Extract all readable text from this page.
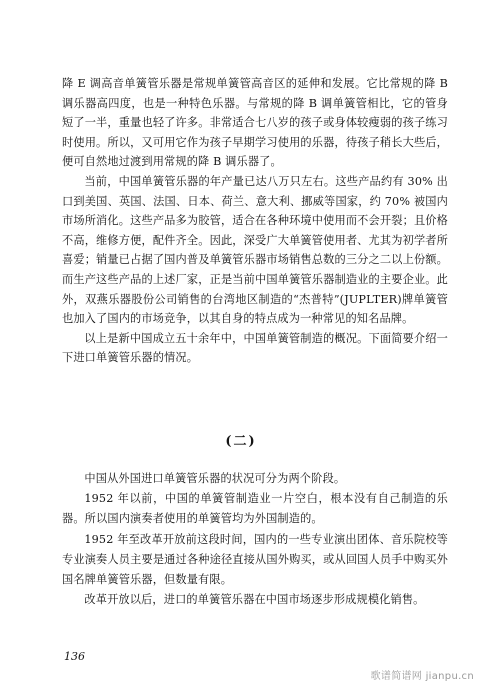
降 E 调高音单簧管乐器是常规单簧管高音区的延伸和发展。它比常规的降 B 调乐器高四度，也是一种特色乐器。与常规的降 B 调单簧管相比，它的管身短了一半，重量也轻了许多。非常适合七八岁的孩子或身体较瘦弱的孩子练习时使用。所以，又可用它作为孩子早期学习使用的乐器，待孩子稍长大些后，便可自然地过渡到用常规的降 B 调乐器了。

当前，中国单簧管乐器的年产量已达八万只左右。这些产品约有 30% 出口到美国、英国、法国、日本、荷兰、意大利、挪威等国家，约 70% 被国内市场所消化。这些产品多为胶管，适合在各种环境中使用而不会开裂；且价格不高，维修方便，配件齐全。因此，深受广大单簧管使用者、尤其为初学者所喜爱；销量已占据了国内普及单簧管乐器市场销售总数的三分之二以上份额。而生产这些产品的上述厂家，正是当前中国单簧管乐器制造业的主要企业。此外，双燕乐器股份公司销售的台湾地区制造的“杰普特”(JUPLTER)牌单簧管也加入了国内的市场竞争，以其自身的特点成为一种常见的知名品牌。

以上是新中国成立五十余年中，中国单簧管制造的概况。下面简要介绍一下进口单簧管乐器的情况。

(二)

中国从外国进口单簧管乐器的状况可分为两个阶段。

1952 年以前，中国的单簧管制造业一片空白，根本没有自己制造的乐器。所以国内演奏者使用的单簧管均为外国制造的。

1952 年至改革开放前这段时间，国内的一些专业演出团体、音乐院校等专业演奏人员主要是通过各种途径直接从国外购买，或从回国人员手中购买外国名牌单簧管乐器，但数量有限。

改革开放以后，进口的单簧管乐器在中国市场逐步形成规模化销售。

136
歌谱简谱网 jianpu.cn
